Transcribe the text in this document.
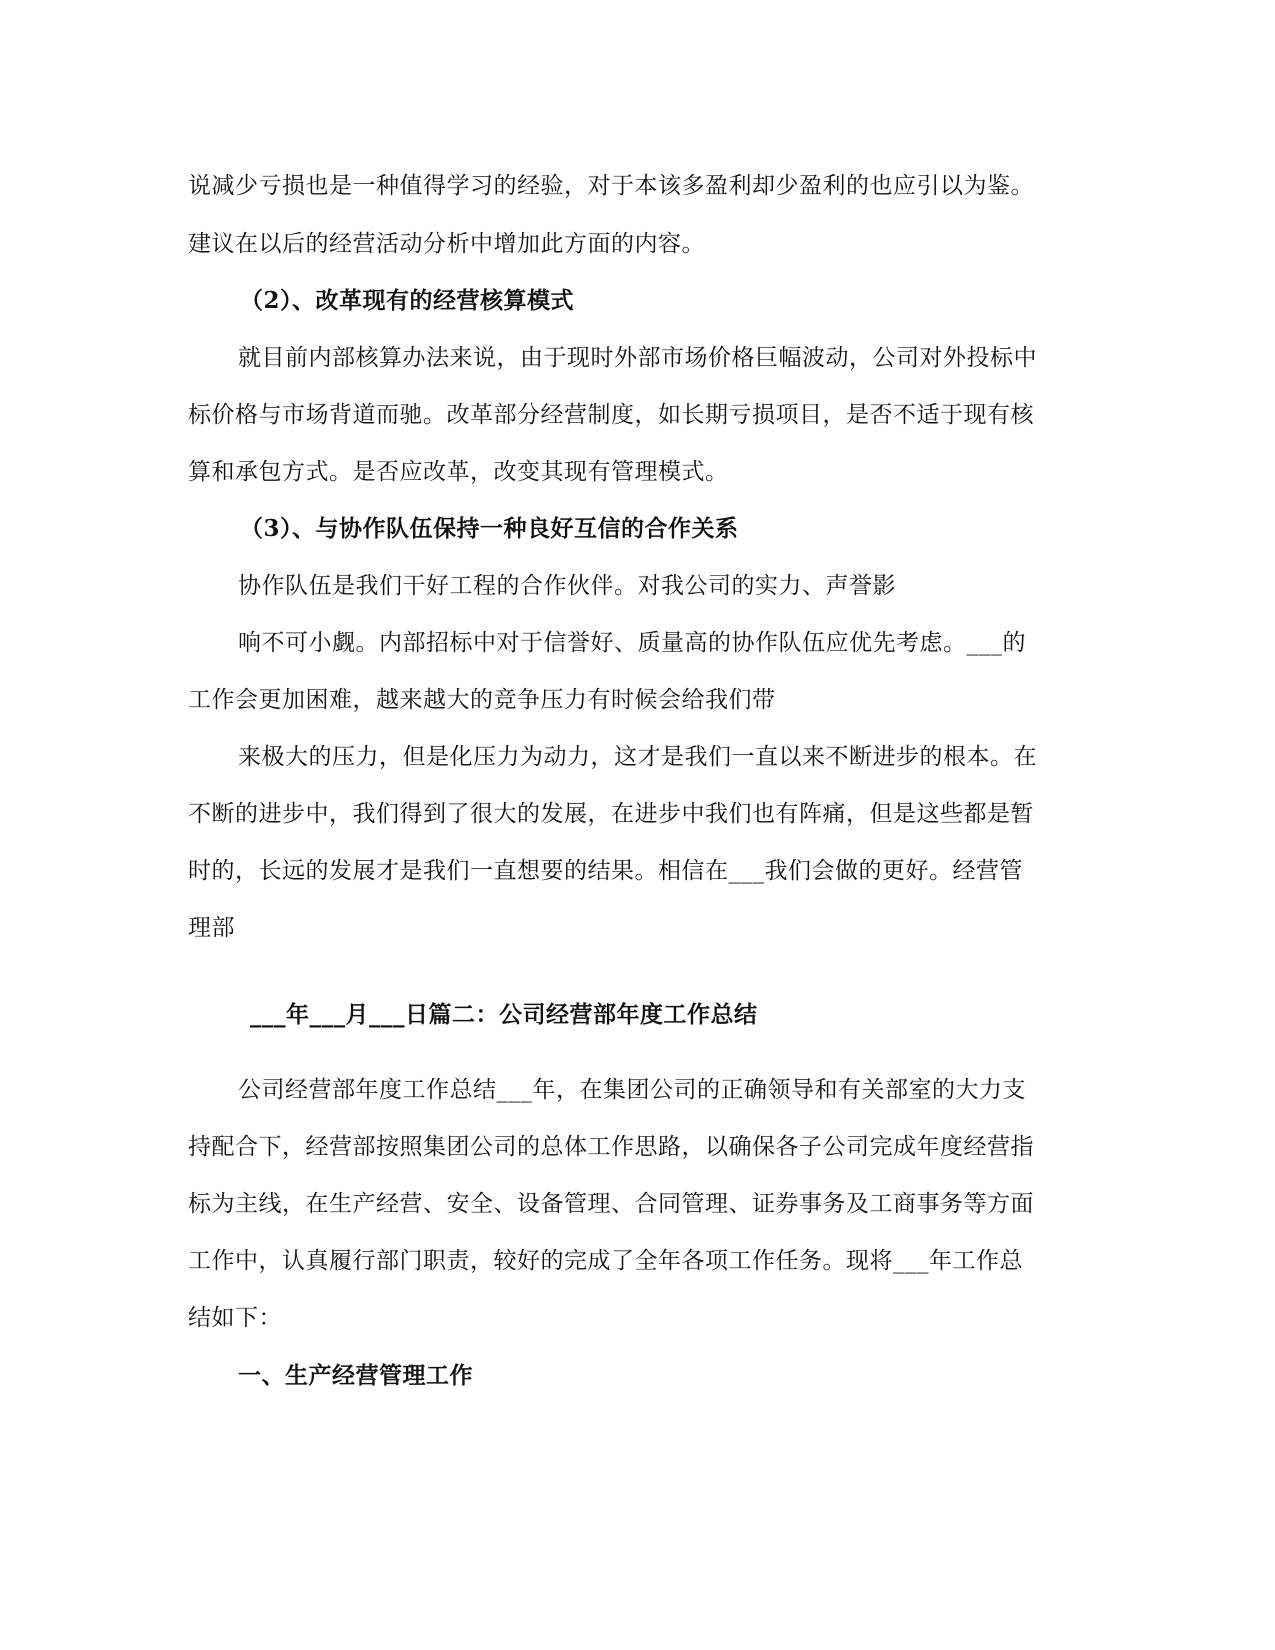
说减少亏损也是一种值得学习的经验，对于本该多盈利却少盈利的也应引以为鉴。
建议在以后的经营活动分析中增加此方面的内容。
（2）、改革现有的经营核算模式
就目前内部核算办法来说，由于现时外部市场价格巨幅波动，公司对外投标中
标价格与市场背道而驰。改革部分经营制度，如长期亏损项目，是否不适于现有核
算和承包方式。是否应改革，改变其现有管理模式。
（3）、与协作队伍保持一种良好互信的合作关系
协作队伍是我们干好工程的合作伙伴。对我公司的实力、声誉影
响不可小觑。内部招标中对于信誉好、质量高的协作队伍应优先考虑。___的
工作会更加困难，越来越大的竞争压力有时候会给我们带
来极大的压力，但是化压力为动力，这才是我们一直以来不断进步的根本。在
不断的进步中，我们得到了很大的发展，在进步中我们也有阵痛，但是这些都是暂
时的，长远的发展才是我们一直想要的结果。相信在___我们会做的更好。经营管
理部
___年___月___日篇二：公司经营部年度工作总结
公司经营部年度工作总结___年，在集团公司的正确领导和有关部室的大力支
持配合下，经营部按照集团公司的总体工作思路，以确保各子公司完成年度经营指
标为主线，在生产经营、安全、设备管理、合同管理、证券事务及工商事务等方面
工作中，认真履行部门职责，较好的完成了全年各项工作任务。现将___年工作总
结如下：
一、生产经营管理工作
